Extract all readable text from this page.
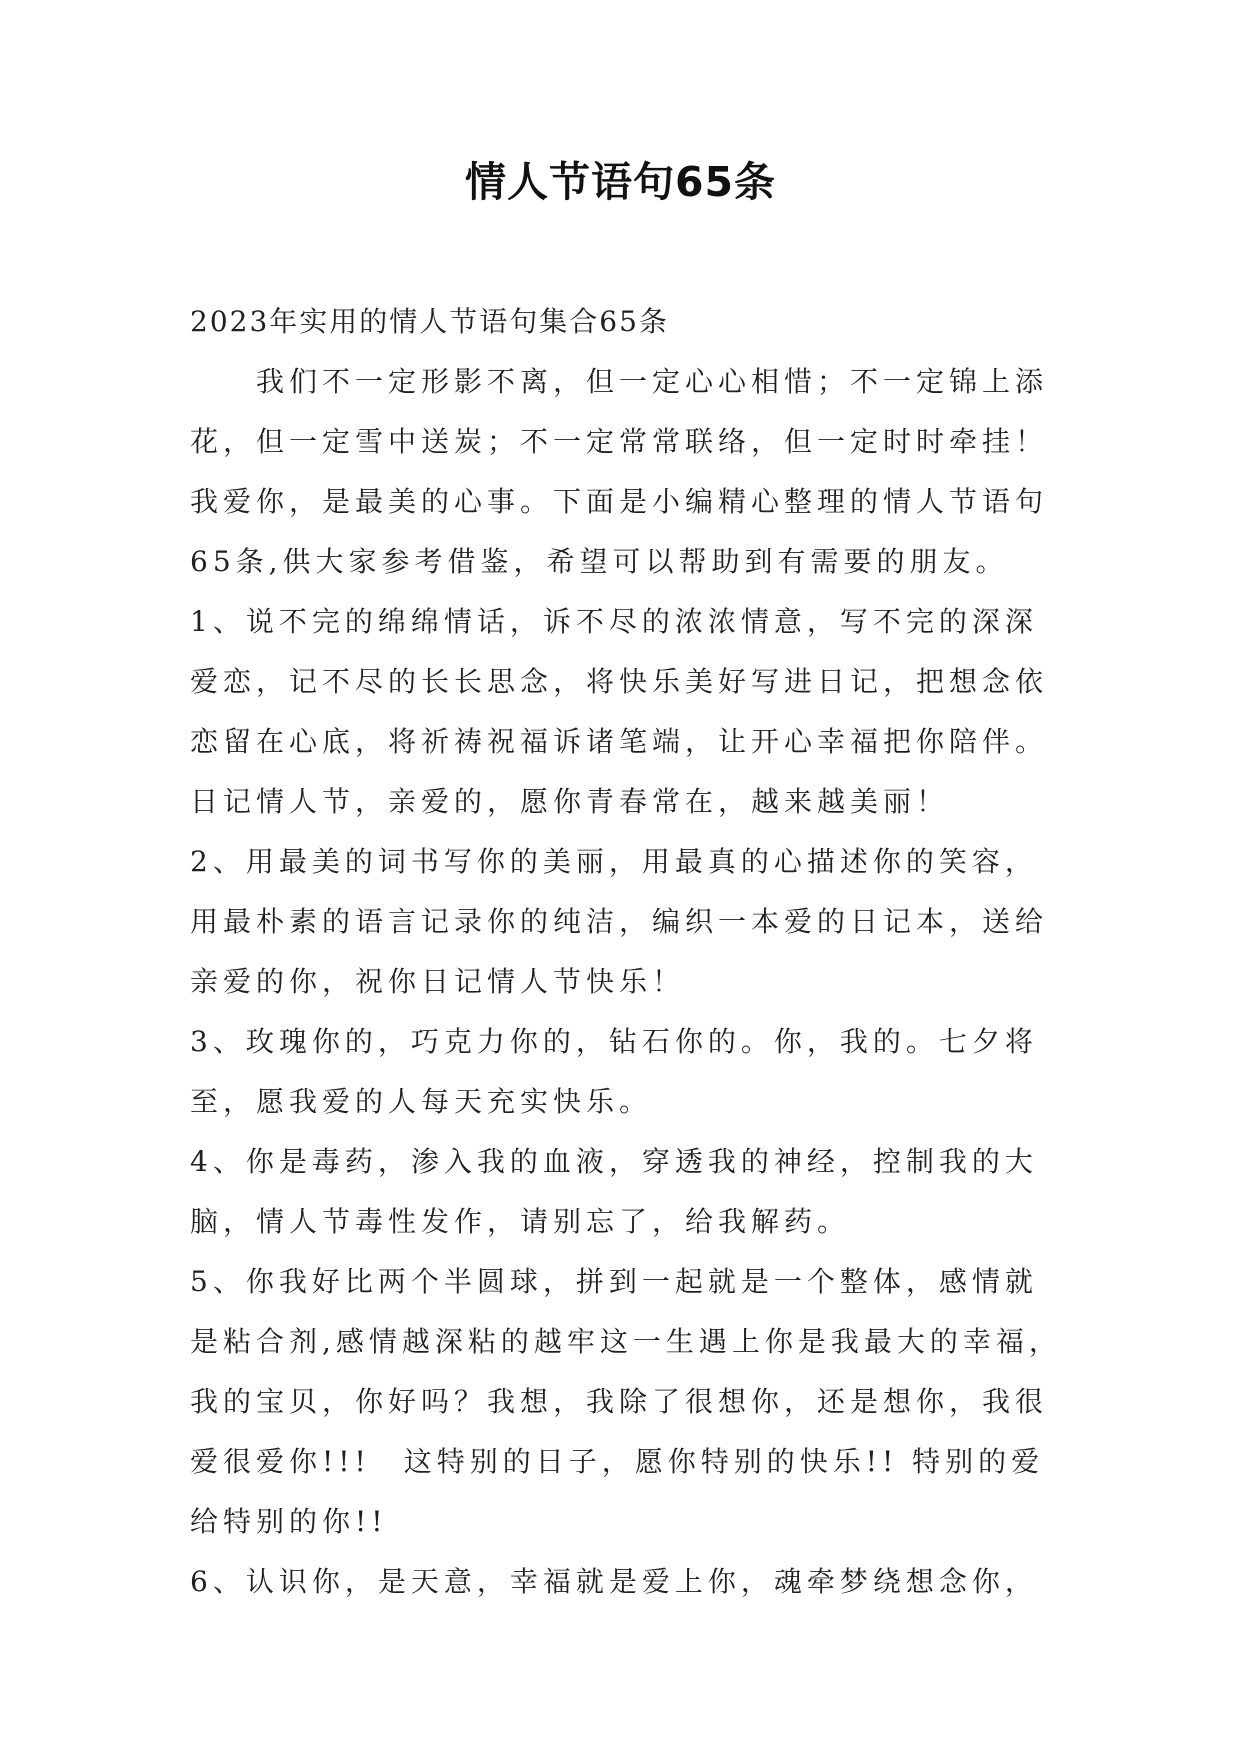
情人节语句65条
2023年实用的情人节语句集合65条
我们不一定形影不离，但一定心心相惜；不一定锦上添
花，但一定雪中送炭；不一定常常联络，但一定时时牵挂！
我爱你，是最美的心事。下面是小编精心整理的情人节语句
65条,供大家参考借鉴，希望可以帮助到有需要的朋友。
1、说不完的绵绵情话，诉不尽的浓浓情意，写不完的深深
爱恋，记不尽的长长思念，将快乐美好写进日记，把想念依
恋留在心底，将祈祷祝福诉诸笔端，让开心幸福把你陪伴。
日记情人节，亲爱的，愿你青春常在，越来越美丽！
2、用最美的词书写你的美丽，用最真的心描述你的笑容，
用最朴素的语言记录你的纯洁，编织一本爱的日记本，送给
亲爱的你，祝你日记情人节快乐！
3、玫瑰你的，巧克力你的，钻石你的。你，我的。七夕将
至，愿我爱的人每天充实快乐。
4、你是毒药，渗入我的血液，穿透我的神经，控制我的大
脑，情人节毒性发作，请别忘了，给我解药。
5、你我好比两个半圆球，拼到一起就是一个整体，感情就
是粘合剂,感情越深粘的越牢这一生遇上你是我最大的幸福，
我的宝贝，你好吗？我想，我除了很想你，还是想你，我很
爱很爱你!!!　这特别的日子，愿你特别的快乐!! 特别的爱
给特别的你!!
6、认识你，是天意，幸福就是爱上你，魂牵梦绕想念你，
